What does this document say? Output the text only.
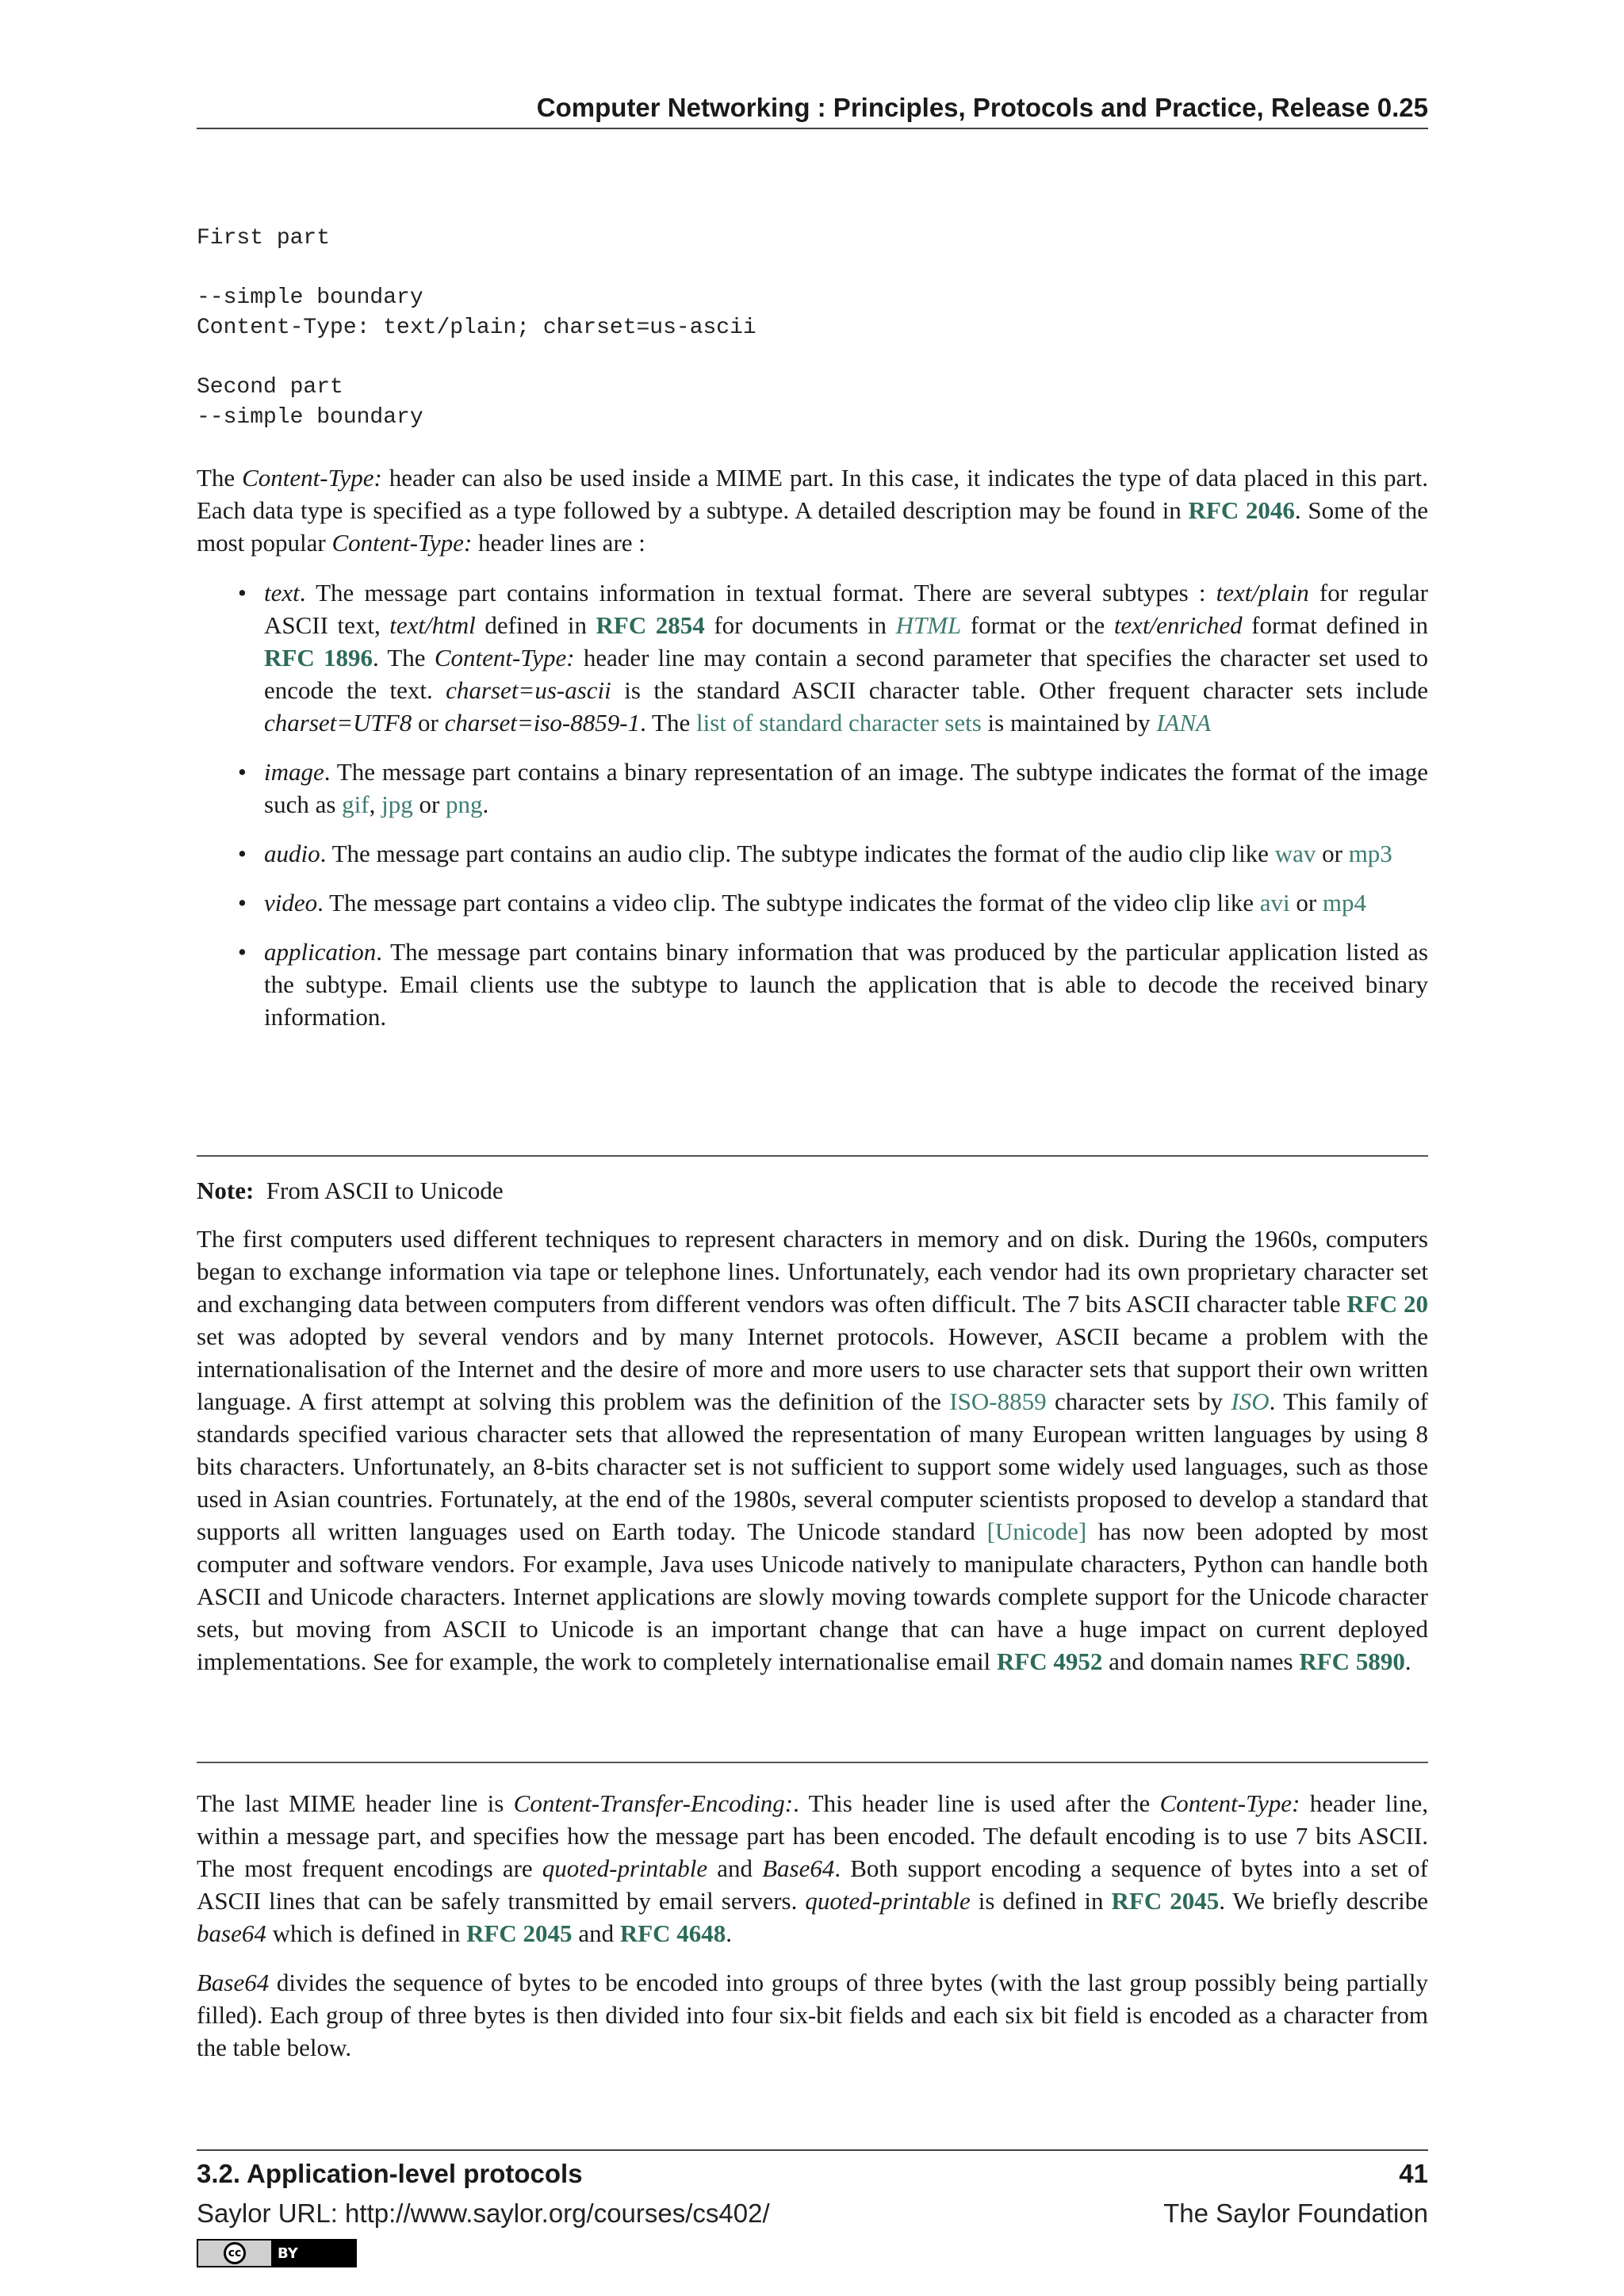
Computer Networking : Principles, Protocols and Practice, Release 0.25
First part
--simple boundary
Content-Type: text/plain; charset=us-ascii
Second part
--simple boundary

The Content-Type: header can also be used inside a MIME part. In this case, it indicates the type of data placed in this part. Each data type is specified as a type followed by a subtype. A detailed description may be found in RFC 2046. Some of the most popular Content-Type: header lines are :

• text. The message part contains information in textual format. There are several subtypes : text/plain for regular ASCII text, text/html defined in RFC 2854 for documents in HTML format or the text/enriched format defined in RFC 1896. The Content-Type: header line may contain a second parameter that specifies the character set used to encode the text. charset=us-ascii is the standard ASCII character table. Other frequent character sets include charset=UTF8 or charset=iso-8859-1. The list of standard character sets is maintained by IANA
• image. The message part contains a binary representation of an image. The subtype indicates the format of the image such as gif, jpg or png.
• audio. The message part contains an audio clip. The subtype indicates the format of the audio clip like wav or mp3
• video. The message part contains a video clip. The subtype indicates the format of the video clip like avi or mp4
• application. The message part contains binary information that was produced by the particular application listed as the subtype. Email clients use the subtype to launch the application that is able to decode the received binary information.

Note: From ASCII to Unicode

The first computers used different techniques to represent characters in memory and on disk. During the 1960s, computers began to exchange information via tape or telephone lines. Unfortunately, each vendor had its own proprietary character set and exchanging data between computers from different vendors was often difficult. The 7 bits ASCII character table RFC 20 set was adopted by several vendors and by many Internet protocols. However, ASCII became a problem with the internationalisation of the Internet and the desire of more and more users to use character sets that support their own written language. A first attempt at solving this problem was the definition of the ISO-8859 character sets by ISO. This family of standards specified various character sets that allowed the representation of many European written languages by using 8 bits characters. Unfortunately, an 8-bits character set is not sufficient to support some widely used languages, such as those used in Asian countries. Fortunately, at the end of the 1980s, several computer scientists proposed to develop a standard that supports all written languages used on Earth today. The Unicode standard [Unicode] has now been adopted by most computer and software vendors. For example, Java uses Unicode natively to manipulate characters, Python can handle both ASCII and Unicode characters. Internet applications are slowly moving towards complete support for the Unicode character sets, but moving from ASCII to Unicode is an important change that can have a huge impact on current deployed implementations. See for example, the work to completely internationalise email RFC 4952 and domain names RFC 5890.

The last MIME header line is Content-Transfer-Encoding:. This header line is used after the Content-Type: header line, within a message part, and specifies how the message part has been encoded. The default encoding is to use 7 bits ASCII. The most frequent encodings are quoted-printable and Base64. Both support encoding a sequence of bytes into a set of ASCII lines that can be safely transmitted by email servers. quoted-printable is defined in RFC 2045. We briefly describe base64 which is defined in RFC 2045 and RFC 4648.

Base64 divides the sequence of bytes to be encoded into groups of three bytes (with the last group possibly being partially filled). Each group of three bytes is then divided into four six-bit fields and each six bit field is encoded as a character from the table below.

3.2. Application-level protocols	41
Saylor URL: http://www.saylor.org/courses/cs402/	The Saylor Foundation
cc	BY
